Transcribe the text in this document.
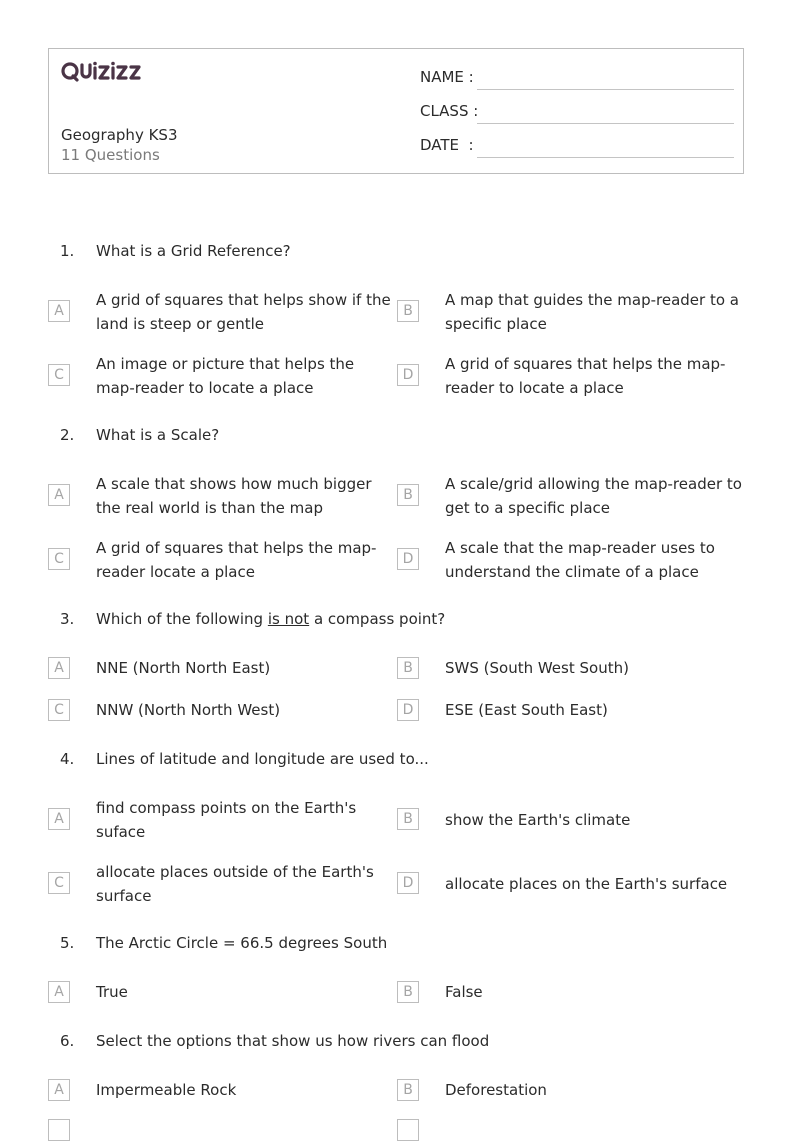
Geography KS3
11 Questions
NAME :
CLASS :
DATE  :
1. What is a Grid Reference?
A
A grid of squares that helps show if the land is steep or gentle
B
A map that guides the map-reader to a specific place
C
An image or picture that helps the map-reader to locate a place
D
A grid of squares that helps the map-reader to locate a place
2. What is a Scale?
A
A scale that shows how much bigger the real world is than the map
B
A scale/grid allowing the map-reader to get to a specific place
C
A grid of squares that helps the map-reader locate a place
D
A scale that the map-reader uses to understand the climate of a place
3. Which of the following is not a compass point?
A	NNE (North North East)	B	SWS (South West South)
C	NNW (North North West)	D	ESE (East South East)
4. Lines of latitude and longitude are used to...
A
find compass points on the Earth's suface
B	show the Earth's climate
C
allocate places outside of the Earth's surface
D	allocate places on the Earth's surface
5. The Arctic Circle = 66.5 degrees South
A	True	B	False
6. Select the options that show us how rivers can flood
A	Impermeable Rock	B	Deforestation
